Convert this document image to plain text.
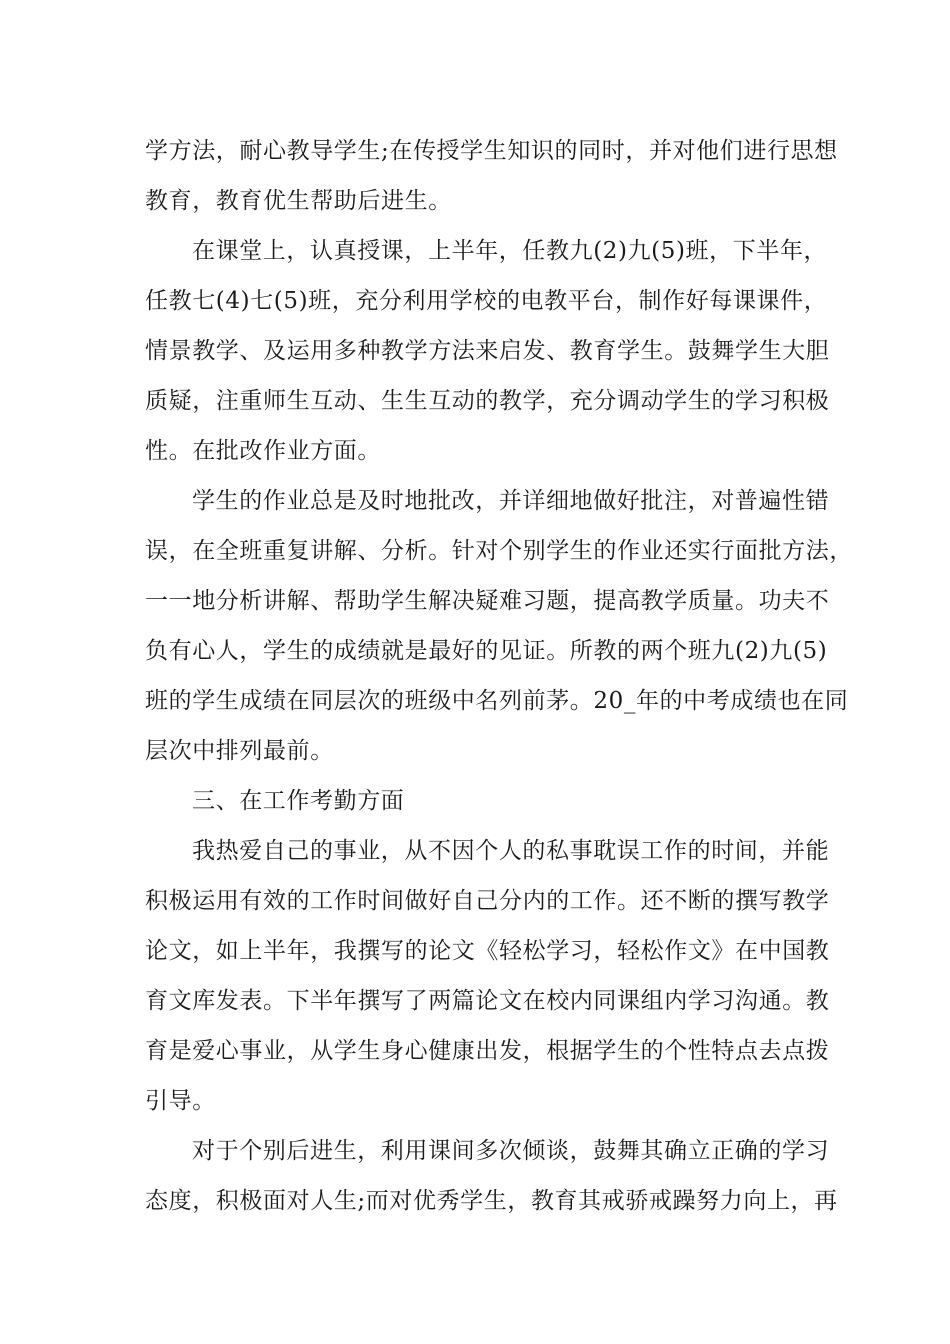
学方法，耐心教导学生;在传授学生知识的同时，并对他们进行思想
教育，教育优生帮助后进生。
在课堂上，认真授课，上半年，任教九(2)九(5)班，下半年，
任教七(4)七(5)班，充分利用学校的电教平台，制作好每课课件，
情景教学、及运用多种教学方法来启发、教育学生。鼓舞学生大胆
质疑，注重师生互动、生生互动的教学，充分调动学生的学习积极
性。在批改作业方面。
学生的作业总是及时地批改，并详细地做好批注，对普遍性错
误，在全班重复讲解、分析。针对个别学生的作业还实行面批方法，
一一地分析讲解、帮助学生解决疑难习题，提高教学质量。功夫不
负有心人，学生的成绩就是最好的见证。所教的两个班九(2)九(5)
班的学生成绩在同层次的班级中名列前茅。20_年的中考成绩也在同
层次中排列最前。
三、在工作考勤方面
我热爱自己的事业，从不因个人的私事耽误工作的时间，并能
积极运用有效的工作时间做好自己分内的工作。还不断的撰写教学
论文，如上半年，我撰写的论文《轻松学习，轻松作文》在中国教
育文库发表。下半年撰写了两篇论文在校内同课组内学习沟通。教
育是爱心事业，从学生身心健康出发，根据学生的个性特点去点拨
引导。
对于个别后进生，利用课间多次倾谈，鼓舞其确立正确的学习
态度，积极面对人生;而对优秀学生，教育其戒骄戒躁努力向上，再
